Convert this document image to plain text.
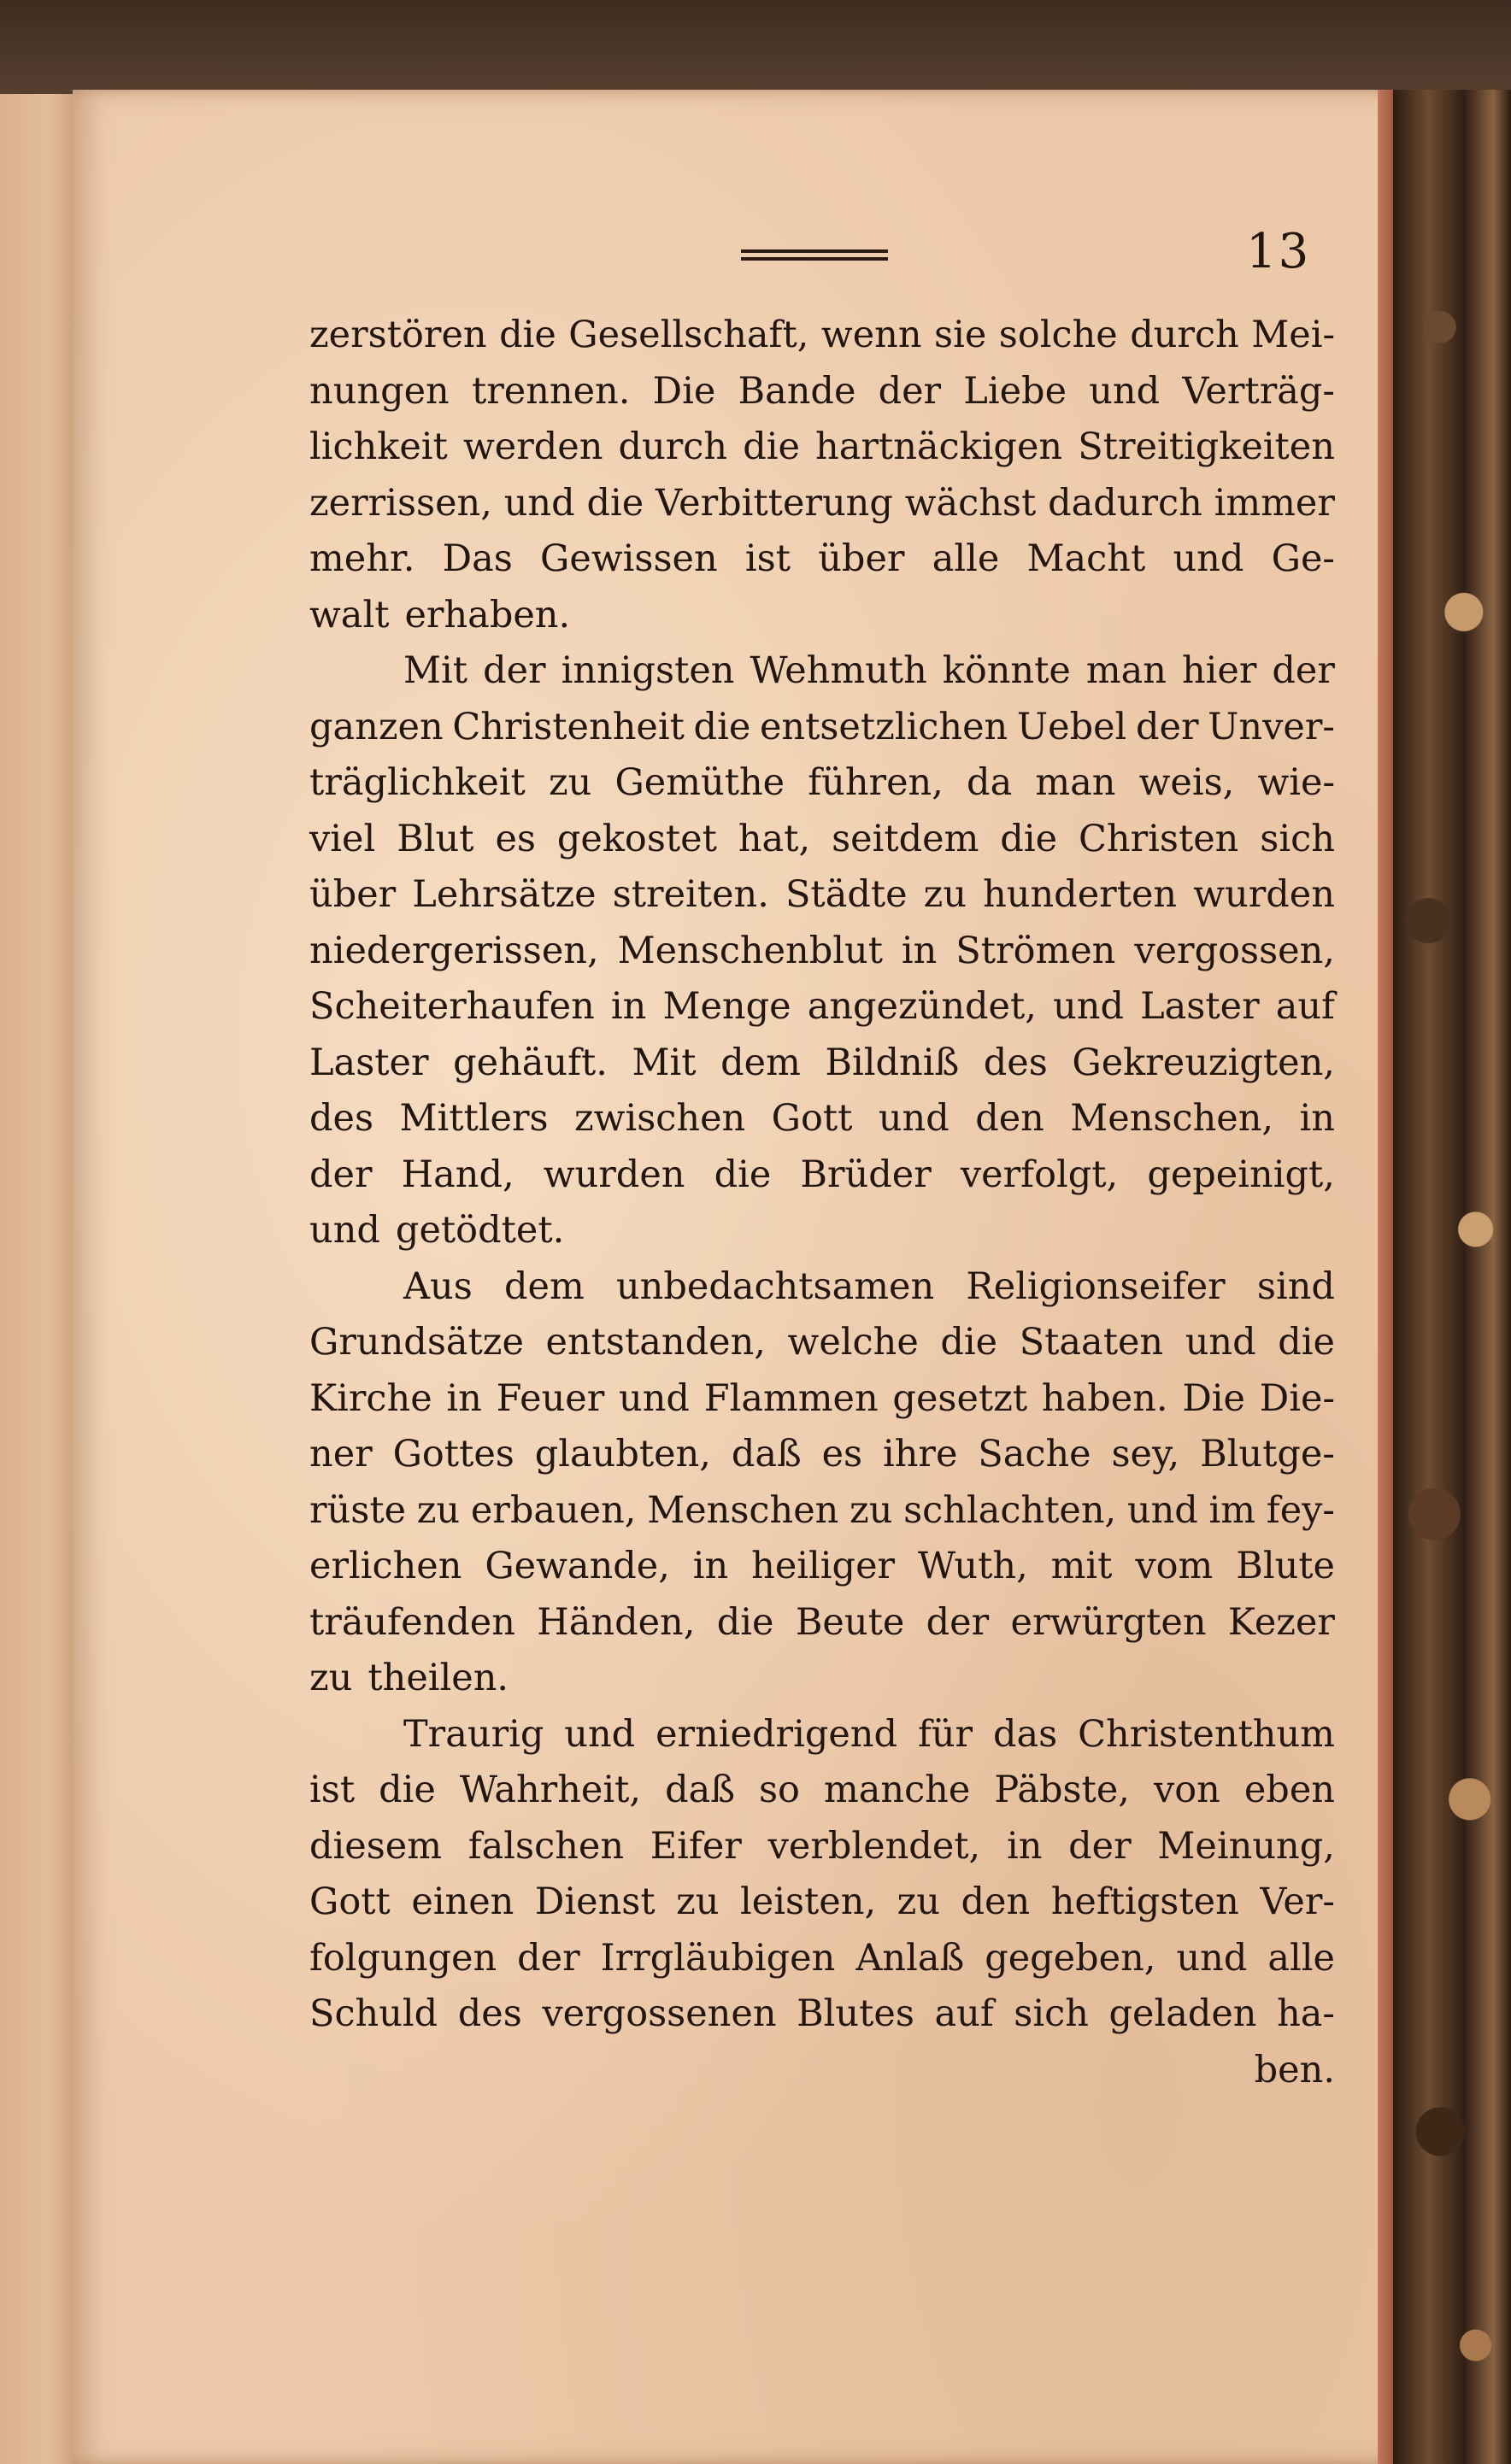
13
zerstören die Gesellschaft, wenn sie solche durch Mei-
nungen trennen. Die Bande der Liebe und Verträg-
lichkeit werden durch die hartnäckigen Streitigkeiten
zerrissen, und die Verbitterung wächst dadurch immer
mehr. Das Gewissen ist über alle Macht und Ge-
walt erhaben.
Mit der innigsten Wehmuth könnte man hier der
ganzen Christenheit die entsetzlichen Uebel der Unver-
träglichkeit zu Gemüthe führen, da man weis, wie-
viel Blut es gekostet hat, seitdem die Christen sich
über Lehrsätze streiten. Städte zu hunderten wurden
niedergerissen, Menschenblut in Strömen vergossen,
Scheiterhaufen in Menge angezündet, und Laster auf
Laster gehäuft. Mit dem Bildniß des Gekreuzigten,
des Mittlers zwischen Gott und den Menschen, in
der Hand, wurden die Brüder verfolgt, gepeinigt,
und getödtet.
Aus dem unbedachtsamen Religionseifer sind
Grundsätze entstanden, welche die Staaten und die
Kirche in Feuer und Flammen gesetzt haben. Die Die-
ner Gottes glaubten, daß es ihre Sache sey, Blutge-
rüste zu erbauen, Menschen zu schlachten, und im fey-
erlichen Gewande, in heiliger Wuth, mit vom Blute
träufenden Händen, die Beute der erwürgten Kezer
zu theilen.
Traurig und erniedrigend für das Christenthum
ist die Wahrheit, daß so manche Päbste, von eben
diesem falschen Eifer verblendet, in der Meinung,
Gott einen Dienst zu leisten, zu den heftigsten Ver-
folgungen der Irrgläubigen Anlaß gegeben, und alle
Schuld des vergossenen Blutes auf sich geladen ha-
ben.
